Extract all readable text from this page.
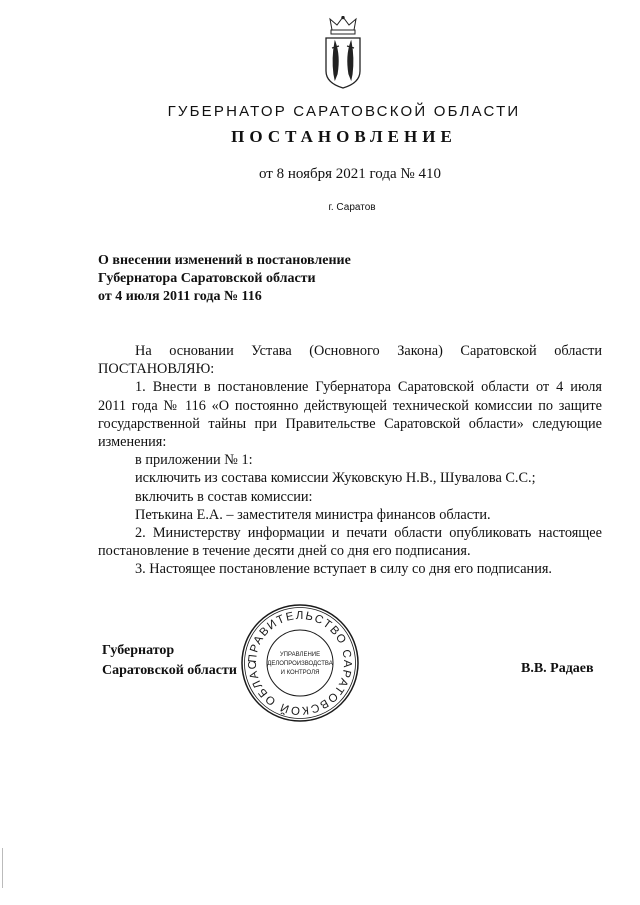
ГУБЕРНАТОР САРАТОВСКОЙ ОБЛАСТИ
ПОСТАНОВЛЕНИЕ
от 8 ноября 2021 года № 410
г. Саратов
О внесении изменений в постановление
Губернатора Саратовской области
от 4 июля 2011 года № 116

На основании Устава (Основного Закона) Саратовской области

ПОСТАНОВЛЯЮ:

1. Внести в постановление Губернатора Саратовской области от 4 июля 2011 года № 116 «О постоянно действующей технической комиссии по защите государственной тайны при Правительстве Саратовской области» следующие изменения:

в приложении № 1:

исключить из состава комиссии Жуковскую Н.В., Шувалова С.С.;

включить в состав комиссии:

Петькина Е.А. – заместителя министра финансов области.

2. Министерству информации и печати области опубликовать настоящее постановление в течение десяти дней со дня его подписания.

3. Настоящее постановление вступает в силу со дня его подписания.

Губернатор
Саратовской области	В.В. Радаев
ПРАВИТЕЛЬСТВО САРАТОВСКОЙ ОБЛАС
УПРАВЛЕНИЕ
ДЕЛОПРОИЗВОДСТВА
И КОНТРОЛЯ
